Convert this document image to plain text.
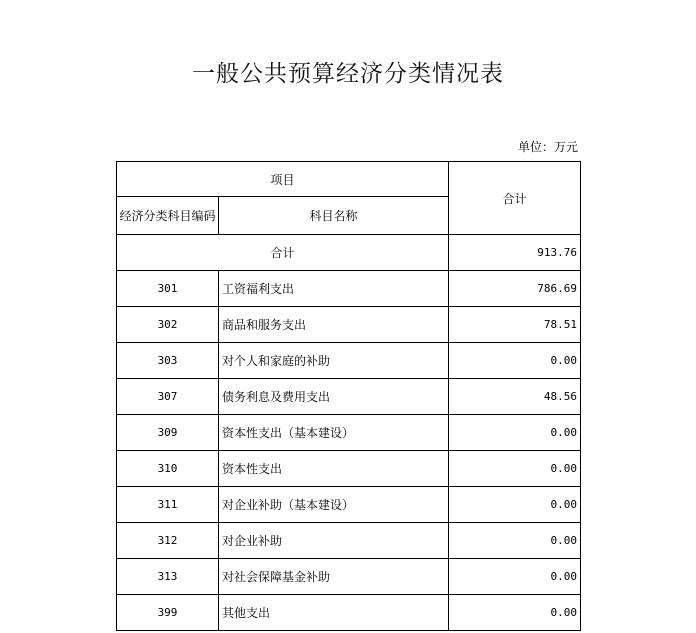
一般公共预算经济分类情况表
单位：万元
项目		合计
经济分类科目编码	科目名称	
合计		913.76
301	工资福利支出	786.69
302	商品和服务支出	78.51
303	对个人和家庭的补助	0.00
307	债务利息及费用支出	48.56
309	资本性支出（基本建设）	0.00
310	资本性支出	0.00
311	对企业补助（基本建设）	0.00
312	对企业补助	0.00
313	对社会保障基金补助	0.00
399	其他支出	0.00
